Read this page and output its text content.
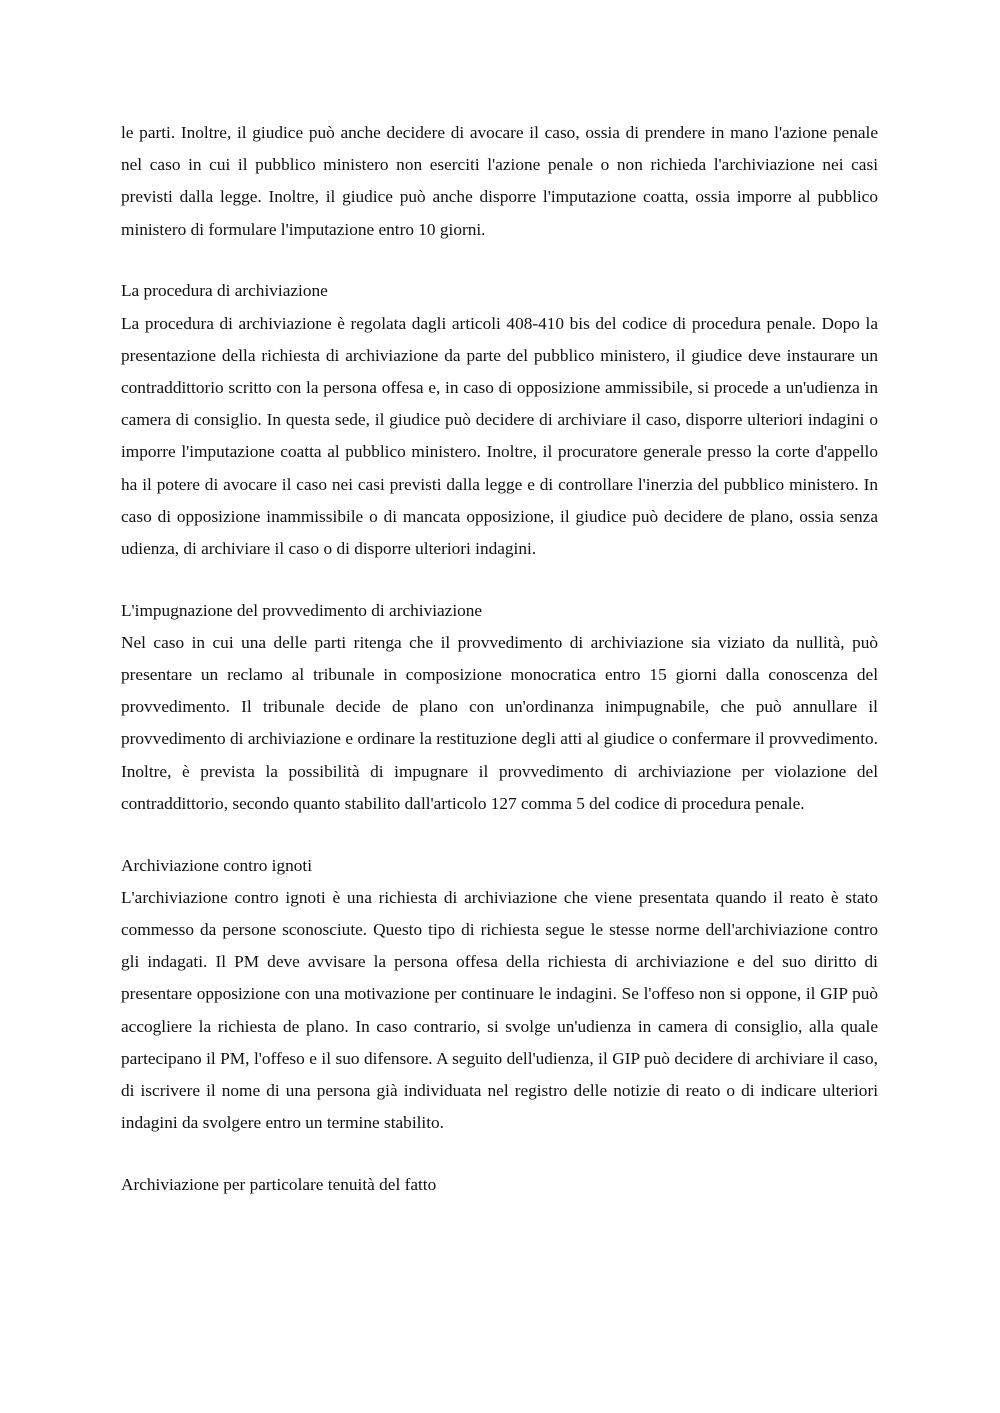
le parti. Inoltre, il giudice può anche decidere di avocare il caso, ossia di prendere in mano l'azione penale nel caso in cui il pubblico ministero non eserciti l'azione penale o non richieda l'archiviazione nei casi previsti dalla legge. Inoltre, il giudice può anche disporre l'imputazione coatta, ossia imporre al pubblico ministero di formulare l'imputazione entro 10 giorni.

La procedura di archiviazione

La procedura di archiviazione è regolata dagli articoli 408-410 bis del codice di procedura penale. Dopo la presentazione della richiesta di archiviazione da parte del pubblico ministero, il giudice deve instaurare un contraddittorio scritto con la persona offesa e, in caso di opposizione ammissibile, si procede a un'udienza in camera di consiglio. In questa sede, il giudice può decidere di archiviare il caso, disporre ulteriori indagini o imporre l'imputazione coatta al pubblico ministero. Inoltre, il procuratore generale presso la corte d'appello ha il potere di avocare il caso nei casi previsti dalla legge e di controllare l'inerzia del pubblico ministero. In caso di opposizione inammissibile o di mancata opposizione, il giudice può decidere de plano, ossia senza udienza, di archiviare il caso o di disporre ulteriori indagini.

L'impugnazione del provvedimento di archiviazione

Nel caso in cui una delle parti ritenga che il provvedimento di archiviazione sia viziato da nullità, può presentare un reclamo al tribunale in composizione monocratica entro 15 giorni dalla conoscenza del provvedimento. Il tribunale decide de plano con un'ordinanza inimpugnabile, che può annullare il provvedimento di archiviazione e ordinare la restituzione degli atti al giudice o confermare il provvedimento. Inoltre, è prevista la possibilità di impugnare il provvedimento di archiviazione per violazione del contraddittorio, secondo quanto stabilito dall'articolo 127 comma 5 del codice di procedura penale.

Archiviazione contro ignoti

L'archiviazione contro ignoti è una richiesta di archiviazione che viene presentata quando il reato è stato commesso da persone sconosciute. Questo tipo di richiesta segue le stesse norme dell'archiviazione contro gli indagati. Il PM deve avvisare la persona offesa della richiesta di archiviazione e del suo diritto di presentare opposizione con una motivazione per continuare le indagini. Se l'offeso non si oppone, il GIP può accogliere la richiesta de plano. In caso contrario, si svolge un'udienza in camera di consiglio, alla quale partecipano il PM, l'offeso e il suo difensore. A seguito dell'udienza, il GIP può decidere di archiviare il caso, di iscrivere il nome di una persona già individuata nel registro delle notizie di reato o di indicare ulteriori indagini da svolgere entro un termine stabilito.

Archiviazione per particolare tenuità del fatto
